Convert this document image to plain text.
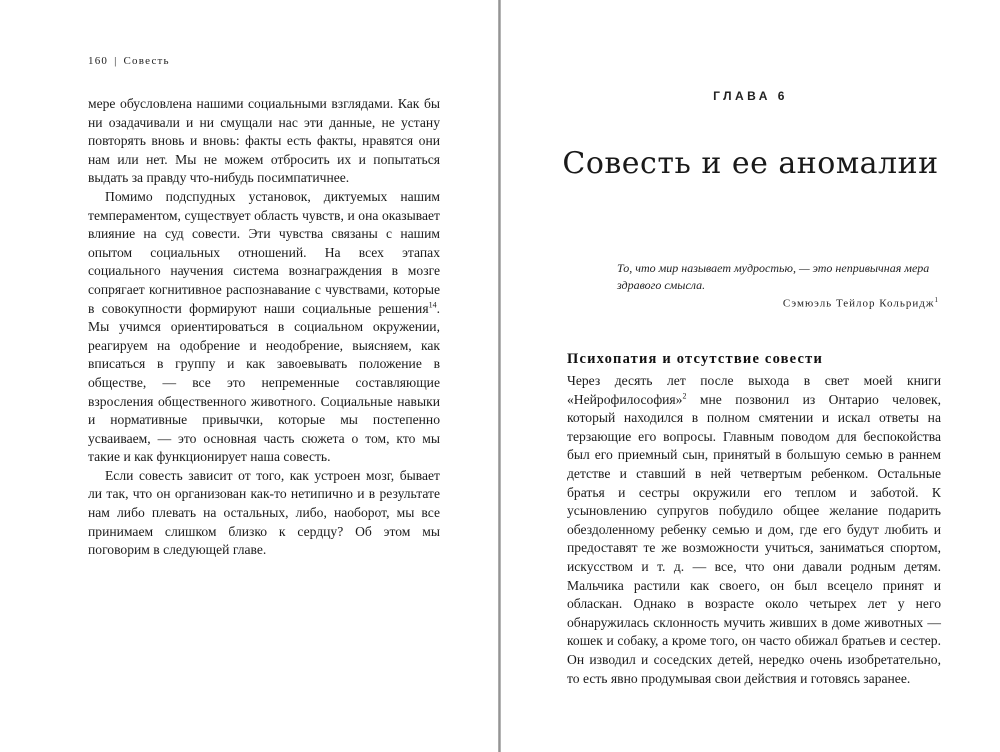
160 | Совесть

мере обусловлена нашими социальными взглядами. Как бы ни озадачивали и ни смущали нас эти данные, не устану повторять вновь и вновь: факты есть факты, нравятся они нам или нет. Мы не можем отбросить их и попытаться выдать за правду что-нибудь посимпатичнее.

Помимо подспудных установок, диктуемых нашим темпераментом, существует область чувств, и она оказывает влияние на суд совести. Эти чувства связаны с нашим опытом социальных отношений. На всех этапах социального научения система вознаграждения в мозге сопрягает когнитивное распознавание с чувствами, которые в совокупности формируют наши социальные решения$^{14}$. Мы учимся ориентироваться в социальном окружении, реагируем на одобрение и неодобрение, выясняем, как вписаться в группу и как завоевывать положение в обществе, — все это непременные составляющие взросления общественного животного. Социальные навыки и нормативные привычки, которые мы постепенно усваиваем, — это основная часть сюжета о том, кто мы такие и как функционирует наша совесть.

Если совесть зависит от того, как устроен мозг, бывает ли так, что он организован как-то нетипично и в результате нам либо плевать на остальных, либо, наоборот, мы все принимаем слишком близко к сердцу? Об этом мы поговорим в следующей главе.

ГЛАВА 6
Совесть и ее аномалии
То, что мир называет мудростью, — это непривычная мера здравого смысла.
Сэмюэль Тейлор Кольридж$^1$
Психопатия и отсутствие совести

Через десять лет после выхода в свет моей книги «Нейрофилософия»$^2$ мне позвонил из Онтарио человек, который находился в полном смятении и искал ответы на терзающие его вопросы. Главным поводом для беспокойства был его приемный сын, принятый в большую семью в раннем детстве и ставший в ней четвертым ребенком. Остальные братья и сестры окружили его теплом и заботой. К усыновлению супругов побудило общее желание подарить обездоленному ребенку семью и дом, где его будут любить и предоставят те же возможности учиться, заниматься спортом, искусством и т. д. — все, что они давали родным детям. Мальчика растили как своего, он был всецело принят и обласкан. Однако в возрасте около четырех лет у него обнаружилась склонность мучить живших в доме животных — кошек и собаку, а кроме того, он часто обижал братьев и сестер. Он изводил и соседских детей, нередко очень изобретательно, то есть явно продумывая свои действия и готовясь заранее.
